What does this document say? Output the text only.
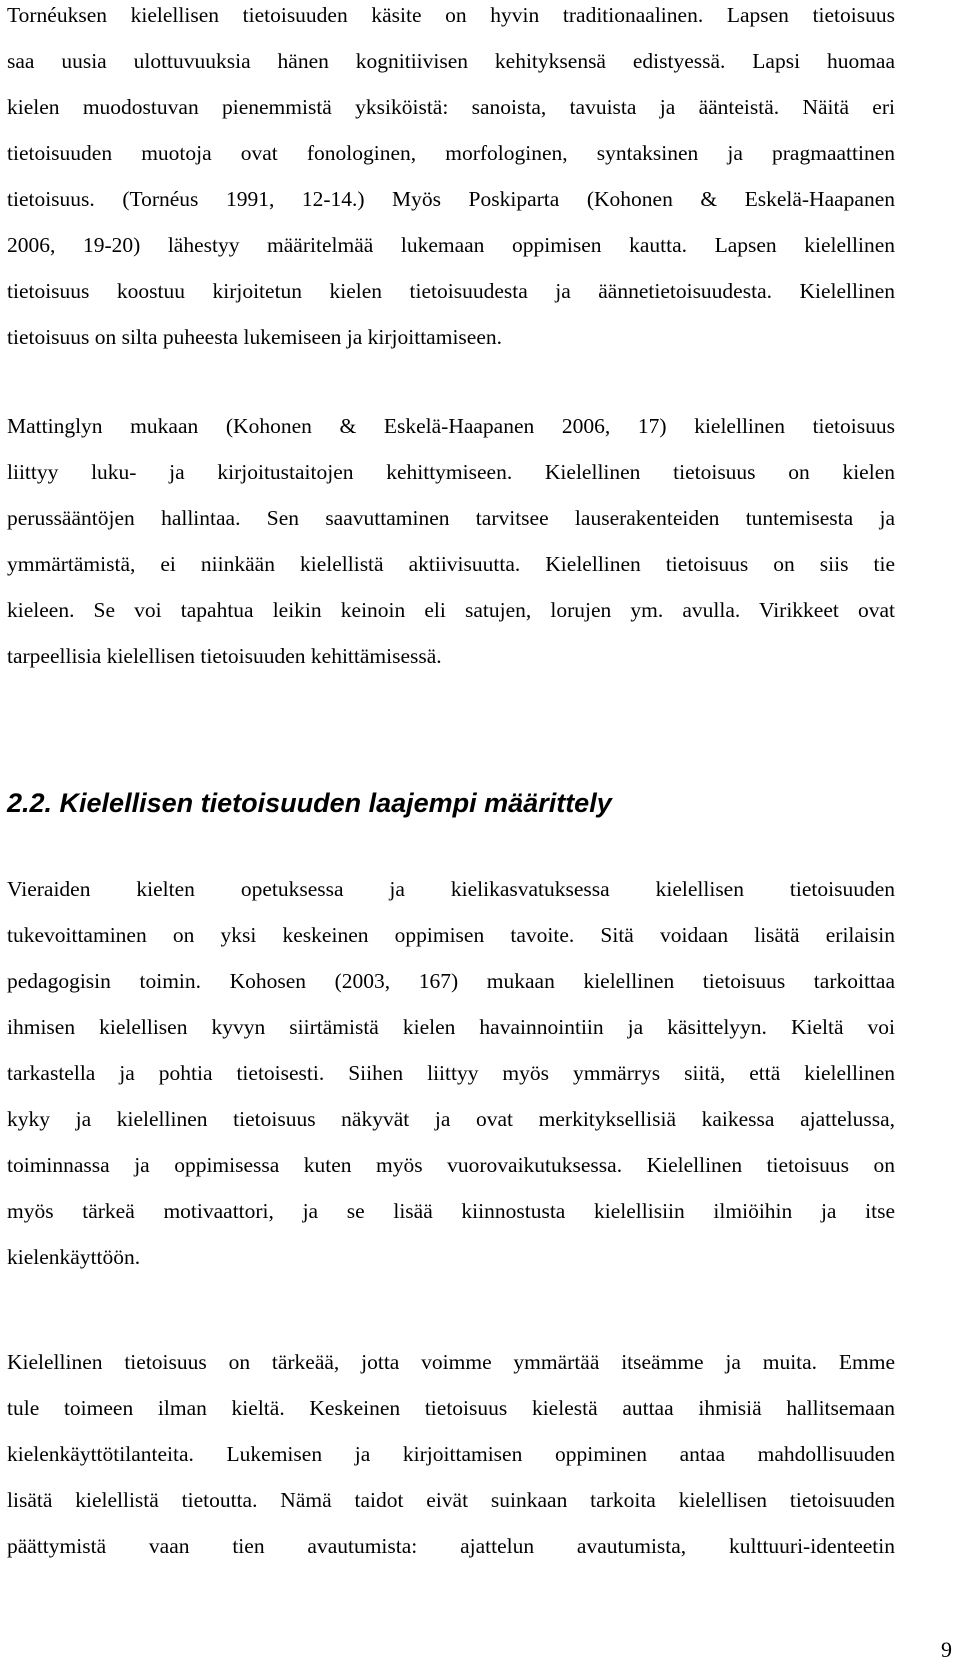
Tornéuksen kielellisen tietoisuuden käsite on hyvin traditionaalinen. Lapsen tietoisuus
saa uusia ulottuvuuksia hänen kognitiivisen kehityksensä edistyessä. Lapsi huomaa
kielen muodostuvan pienemmistä yksiköistä: sanoista, tavuista ja äänteistä. Näitä eri
tietoisuuden muotoja ovat fonologinen, morfologinen, syntaksinen ja pragmaattinen
tietoisuus. (Tornéus 1991, 12-14.) Myös Poskiparta (Kohonen & Eskelä-Haapanen
2006, 19-20) lähestyy määritelmää lukemaan oppimisen kautta. Lapsen kielellinen
tietoisuus koostuu kirjoitetun kielen tietoisuudesta ja äännetietoisuudesta. Kielellinen
tietoisuus on silta puheesta lukemiseen ja kirjoittamiseen.

Mattinglyn mukaan (Kohonen & Eskelä-Haapanen 2006, 17) kielellinen tietoisuus
liittyy luku- ja kirjoitustaitojen kehittymiseen. Kielellinen tietoisuus on kielen
perussääntöjen hallintaa. Sen saavuttaminen tarvitsee lauserakenteiden tuntemisesta ja
ymmärtämistä, ei niinkään kielellistä aktiivisuutta. Kielellinen tietoisuus on siis tie
kieleen. Se voi tapahtua leikin keinoin eli satujen, lorujen ym. avulla. Virikkeet ovat
tarpeellisia kielellisen tietoisuuden kehittämisessä.

2.2. Kielellisen tietoisuuden laajempi määrittely

Vieraiden kielten opetuksessa ja kielikasvatuksessa kielellisen tietoisuuden
tukevoittaminen on yksi keskeinen oppimisen tavoite. Sitä voidaan lisätä erilaisin
pedagogisin toimin. Kohosen (2003, 167) mukaan kielellinen tietoisuus tarkoittaa
ihmisen kielellisen kyvyn siirtämistä kielen havainnointiin ja käsittelyyn. Kieltä voi
tarkastella ja pohtia tietoisesti. Siihen liittyy myös ymmärrys siitä, että kielellinen
kyky ja kielellinen tietoisuus näkyvät ja ovat merkityksellisiä kaikessa ajattelussa,
toiminnassa ja oppimisessa kuten myös vuorovaikutuksessa. Kielellinen tietoisuus on
myös tärkeä motivaattori, ja se lisää kiinnostusta kielellisiin ilmiöihin ja itse
kielenkäyttöön.

Kielellinen tietoisuus on tärkeää, jotta voimme ymmärtää itseämme ja muita. Emme
tule toimeen ilman kieltä. Keskeinen tietoisuus kielestä auttaa ihmisiä hallitsemaan
kielenkäyttötilanteita. Lukemisen ja kirjoittamisen oppiminen antaa mahdollisuuden
lisätä kielellistä tietoutta. Nämä taidot eivät suinkaan tarkoita kielellisen tietoisuuden
päättymistä vaan tien avautumista: ajattelun avautumista, kulttuuri-identeetin

9
